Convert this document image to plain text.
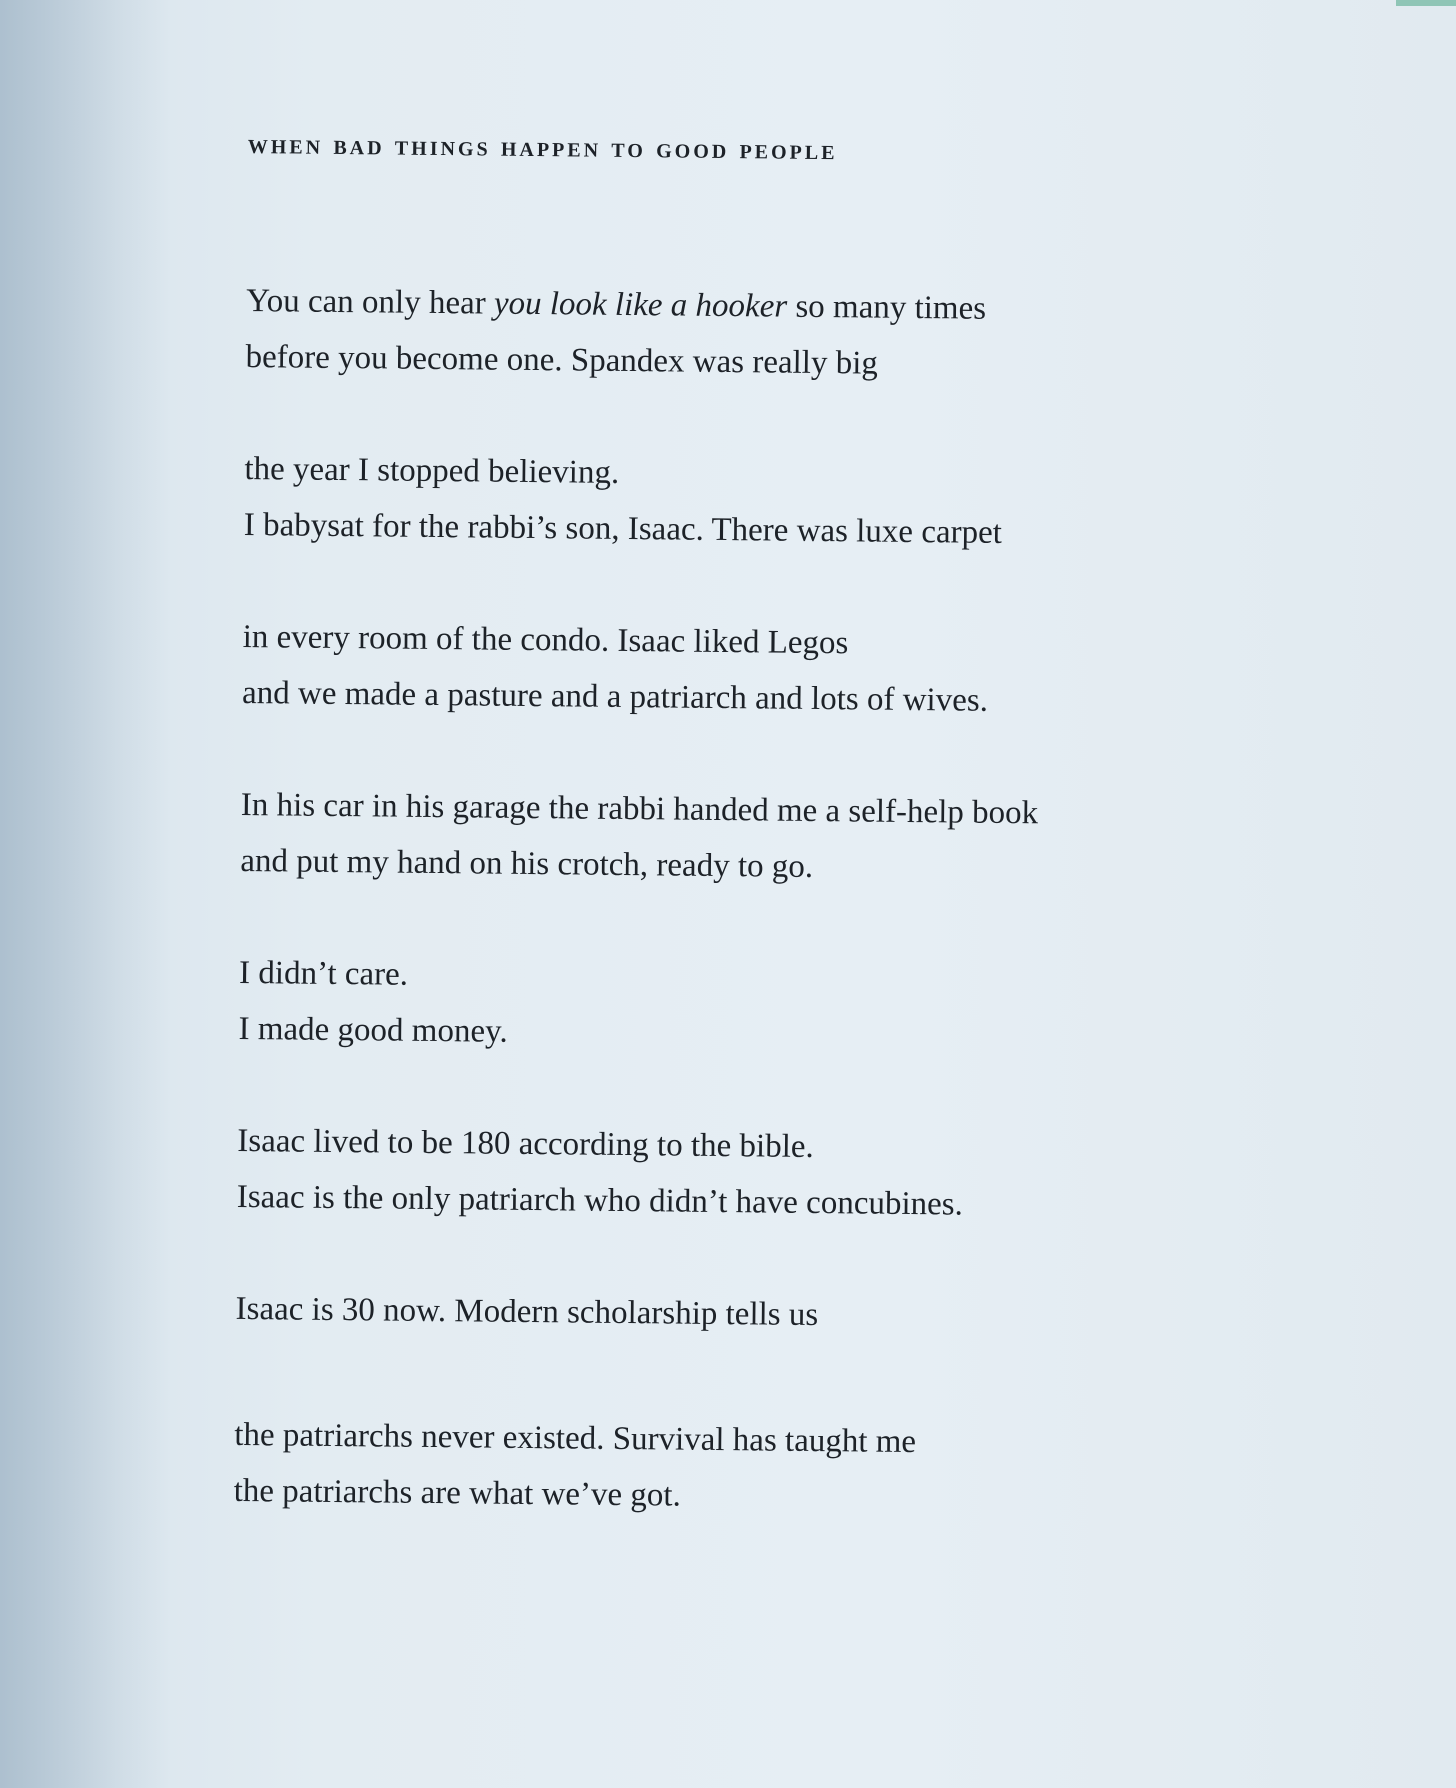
when bad things happen to good people
You can only hear you look like a hooker so many times
before you become one. Spandex was really big
the year I stopped believing.
I babysat for the rabbi’s son, Isaac. There was luxe carpet
in every room of the condo. Isaac liked Legos
and we made a pasture and a patriarch and lots of wives.
In his car in his garage the rabbi handed me a self-help book
and put my hand on his crotch, ready to go.
I didn’t care.
I made good money.
Isaac lived to be 180 according to the bible.
Isaac is the only patriarch who didn’t have concubines.
Isaac is 30 now. Modern scholarship tells us
the patriarchs never existed. Survival has taught me
the patriarchs are what we’ve got.
